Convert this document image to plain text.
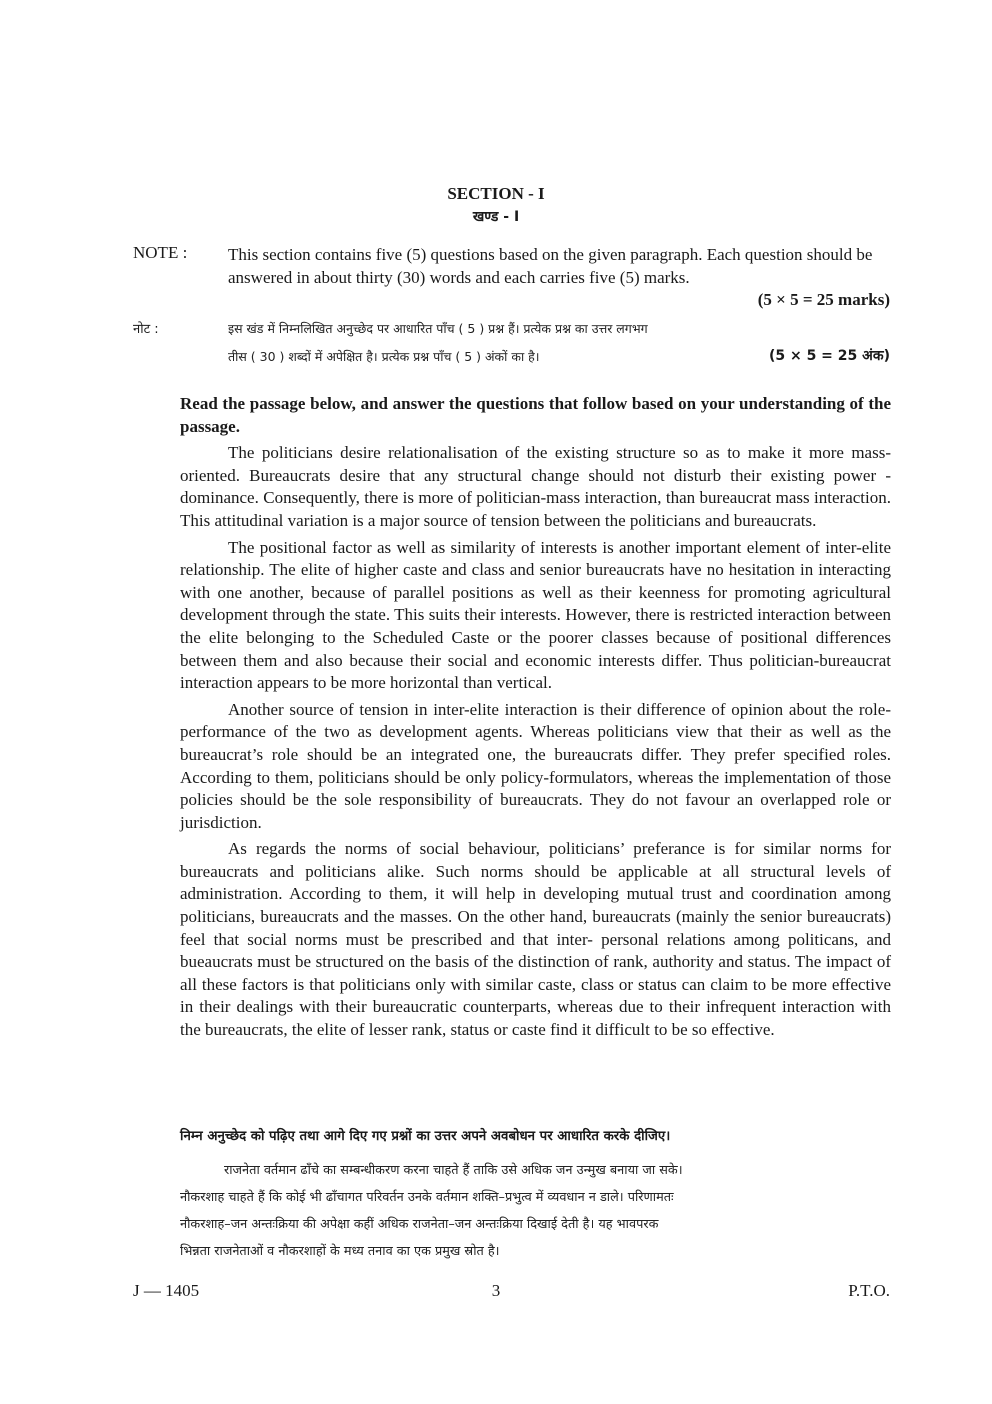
SECTION - I
खण्ड - I
NOTE : This section contains five (5) questions based on the given paragraph. Each question should be answered in about thirty (30) words and each carries five (5) marks.
(5 × 5 = 25 marks)
नोट :	इस खंड में निम्नलिखित अनुच्छेद पर आधारित पाँच ( 5 ) प्रश्न हैं। प्रत्येक प्रश्न का उत्तर लगभग
तीस ( 30 ) शब्दों में अपेक्षित है। प्रत्येक प्रश्न पाँच ( 5 ) अंकों का है।	(5 × 5 = 25 अंक)

Read the passage below, and answer the questions that follow based on your understanding of the passage.

The politicians desire relationalisation of the existing structure so as to make it more mass-oriented. Bureaucrats desire that any structural change should not disturb their existing power - dominance. Consequently, there is more of politician-mass interaction, than bureaucrat mass interaction. This attitudinal variation is a major source of tension between the politicians and bureaucrats.

The positional factor as well as similarity of interests is another important element of inter-elite relationship. The elite of higher caste and class and senior bureaucrats have no hesitation in interacting with one another, because of parallel positions as well as their keenness for promoting agricultural development through the state. This suits their interests. However, there is restricted interaction between the elite belonging to the Scheduled Caste or the poorer classes because of positional differences between them and also because their social and economic interests differ. Thus politician-bureaucrat interaction appears to be more horizontal than vertical.

Another source of tension in inter-elite interaction is their difference of opinion about the role-performance of the two as development agents. Whereas politicians view that their as well as the bureaucrat’s role should be an integrated one, the bureaucrats differ. They prefer specified roles. According to them, politicians should be only policy-formulators, whereas the implementation of those policies should be the sole responsibility of bureaucrats. They do not favour an overlapped role or jurisdiction.

As regards the norms of social behaviour, politicians’ preferance is for similar norms for bureaucrats and politicians alike. Such norms should be applicable at all structural levels of administration. According to them, it will help in developing mutual trust and coordination among politicians, bureaucrats and the masses. On the other hand, bureaucrats (mainly the senior bureaucrats) feel that social norms must be prescribed and that inter- personal relations among politicans, and bueaucrats must be structured on the basis of the distinction of rank, authority and status. The impact of all these factors is that politicians only with similar caste, class or status can claim to be more effective in their dealings with their bureaucratic counterparts, whereas due to their infrequent interaction with the bureaucrats, the elite of lesser rank, status or caste find it difficult to be so effective.

निम्न अनुच्छेद को पढ़िए तथा आगे दिए गए प्रश्नों का उत्तर अपने अवबोधन पर आधारित करके दीजिए।
राजनेता वर्तमान ढाँचे का सम्बन्धीकरण करना चाहते हैं ताकि उसे अधिक जन उन्मुख बनाया जा सके।
नौकरशाह चाहते हैं कि कोई भी ढाँचागत परिवर्तन उनके वर्तमान शक्ति–प्रभुत्व में व्यवधान न डाले। परिणामतः
नौकरशाह–जन अन्तःक्रिया की अपेक्षा कहीं अधिक राजनेता–जन अन्तःक्रिया दिखाई देती है। यह भावपरक
भिन्नता राजनेताओं व नौकरशाहों के मध्य तनाव का एक प्रमुख स्रोत है।
J — 1405	3	P.T.O.
